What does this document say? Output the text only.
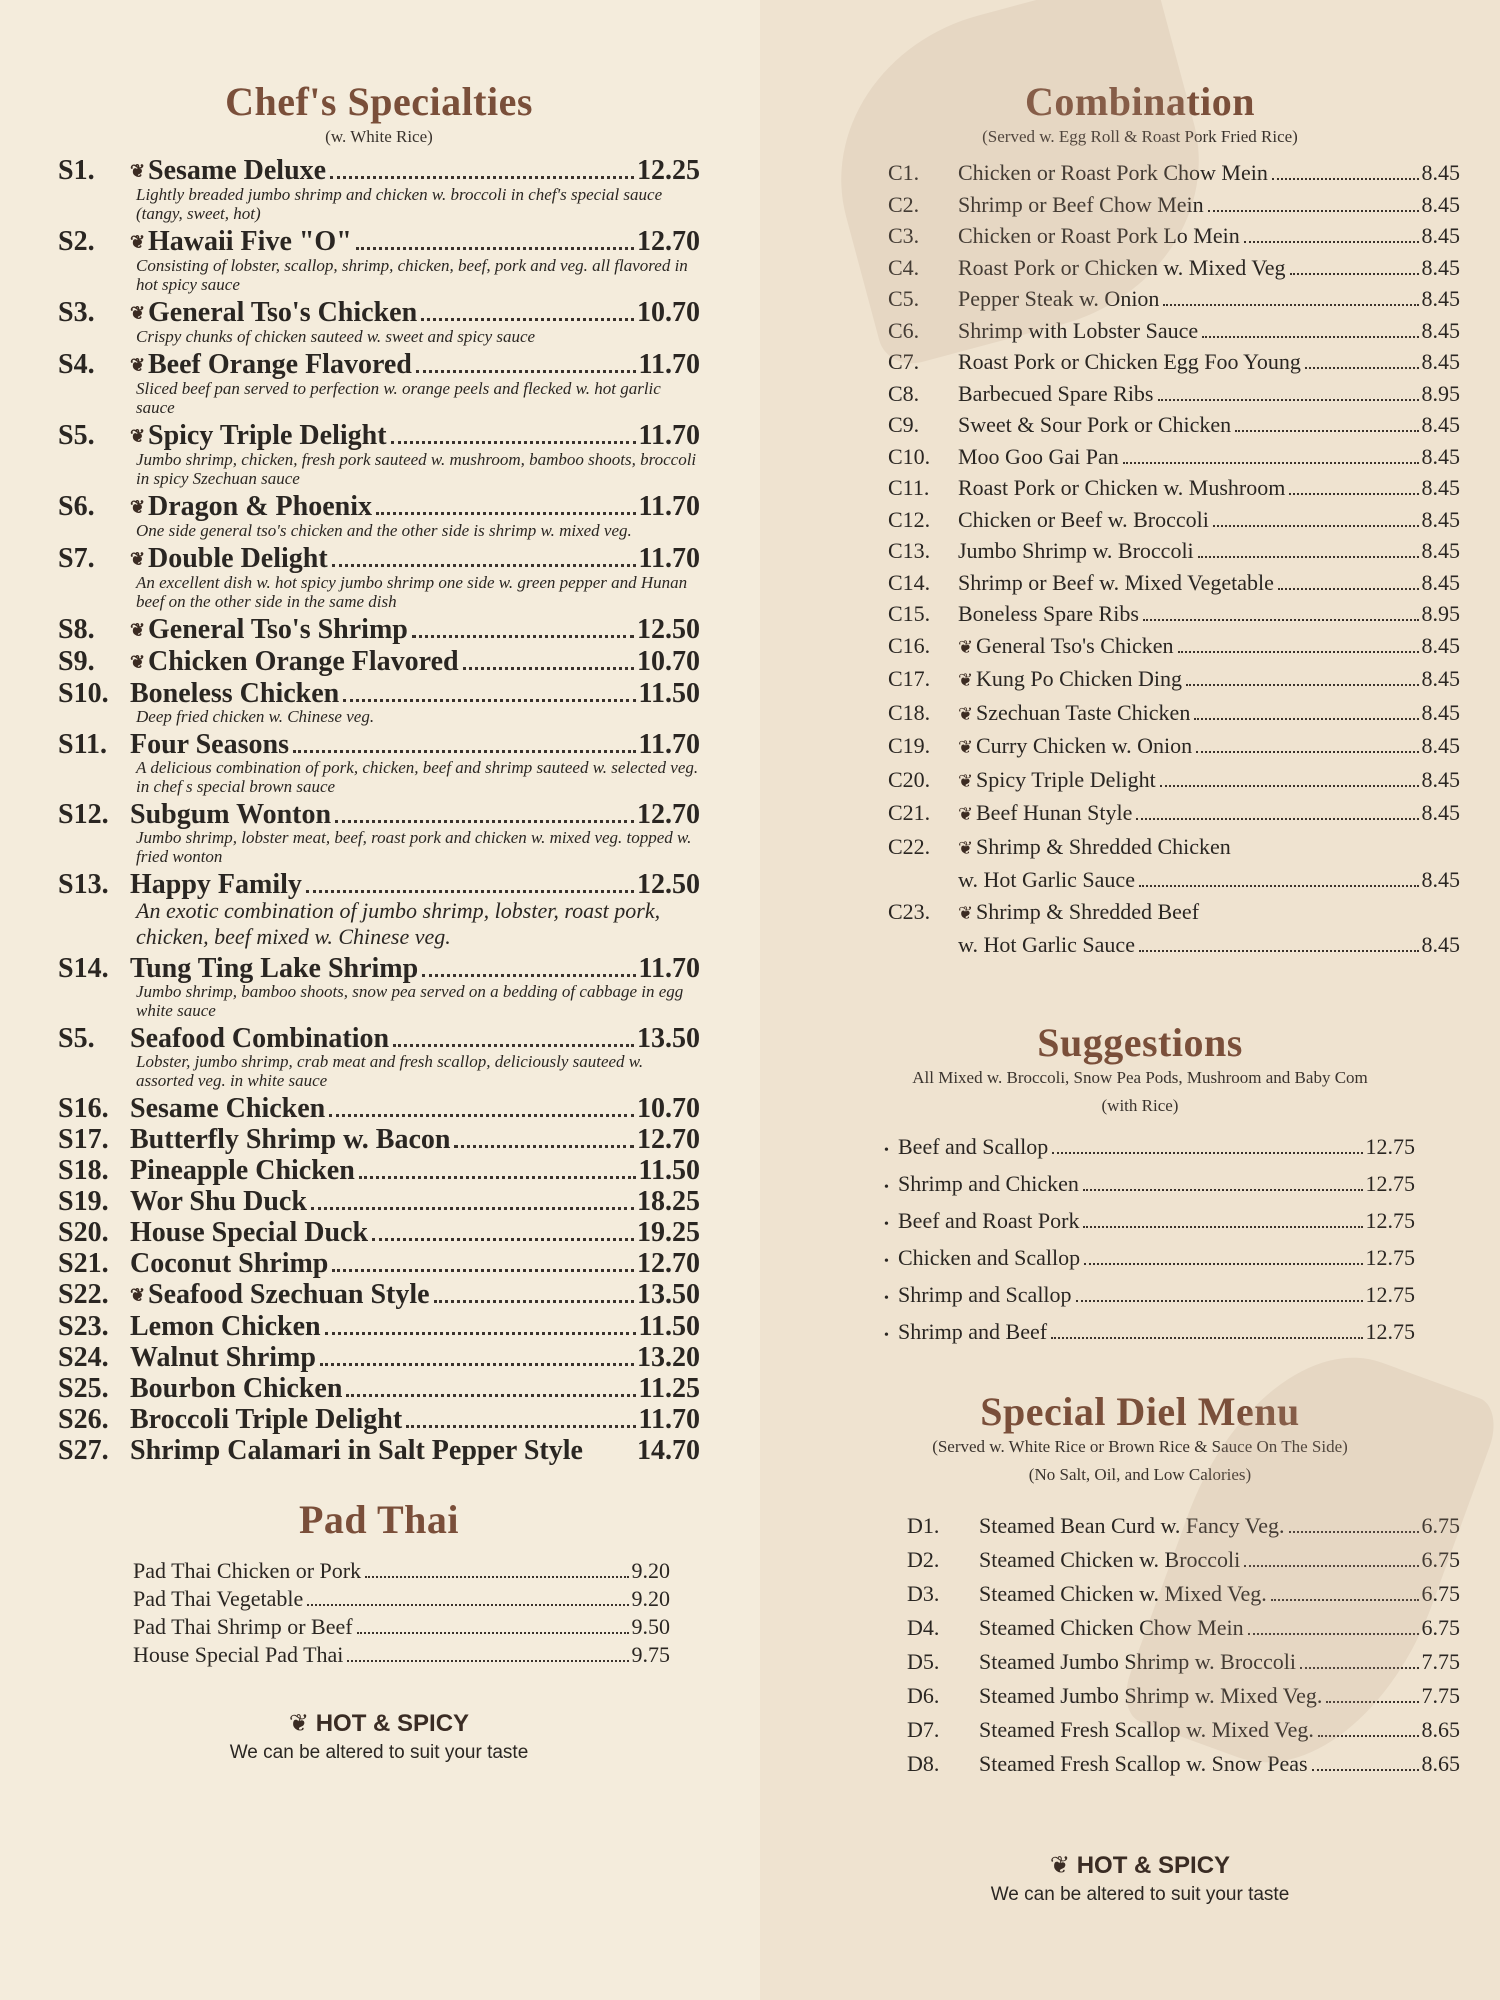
Chef's Specialties
(w. White Rice)
S1.	❦ Sesame Deluxe	12.25
Lightly breaded jumbo shrimp and chicken w. broccoli in chef's special sauce (tangy, sweet, hot)
S2.	❦ Hawaii Five "O"	12.70
Consisting of lobster, scallop, shrimp, chicken, beef, pork and veg. all flavored in hot spicy sauce
S3.	❦ General Tso's Chicken	10.70
Crispy chunks of chicken sauteed w. sweet and spicy sauce
S4.	❦ Beef Orange Flavored	11.70
Sliced beef pan served to perfection w. orange peels and flecked w. hot garlic sauce
S5.	❦ Spicy Triple Delight	11.70
Jumbo shrimp, chicken, fresh pork sauteed w. mushroom, bamboo shoots, broccoli in spicy Szechuan sauce
S6.	❦ Dragon & Phoenix	11.70
One side general tso's chicken and the other side is shrimp w. mixed veg.
S7.	❦ Double Delight	11.70
An excellent dish w. hot spicy jumbo shrimp one side w. green pepper and Hunan beef on the other side in the same dish
S8.	❦ General Tso's Shrimp	12.50
S9.	❦ Chicken Orange Flavored	10.70
S10. Boneless Chicken	11.50
Deep fried chicken w. Chinese veg.
S11. Four Seasons	11.70
A delicious combination of pork, chicken, beef and shrimp sauteed w. selected veg. in chef s special brown sauce
S12. Subgum Wonton	12.70
Jumbo shrimp, lobster meat, beef, roast pork and chicken w. mixed veg. topped w. fried wonton
S13. Happy Family	12.50
An exotic combination of jumbo shrimp, lobster, roast pork, chicken, beef mixed w. Chinese veg.
S14. Tung Ting Lake Shrimp	11.70
Jumbo shrimp, bamboo shoots, snow pea served on a bedding of cabbage in egg white sauce
S5.	Seafood Combination	13.50
Lobster, jumbo shrimp, crab meat and fresh scallop, deliciously sauteed w. assorted veg. in white sauce
S16. Sesame Chicken	10.70
S17. Butterfly Shrimp w. Bacon	12.70
S18. Pineapple Chicken	11.50
S19. Wor Shu Duck	18.25
S20. House Special Duck	19.25
S21. Coconut Shrimp	12.70
S22.	❦ Seafood Szechuan Style	13.50
S23. Lemon Chicken	11.50
S24. Walnut Shrimp	13.20
S25. Bourbon Chicken	11.25
S26. Broccoli Triple Delight	11.70
S27. Shrimp Calamari in Salt Pepper Style 14.70
Pad Thai
Pad Thai Chicken or Pork	9.20
Pad Thai Vegetable	9.20
Pad Thai Shrimp or Beef	9.50
House Special Pad Thai	9.75
❦ HOT & SPICY
We can be altered to suit your taste
Combination
(Served w. Egg Roll & Roast Pork Fried Rice)
C1.	Chicken or Roast Pork Chow Mein	8.45
C2.	Shrimp or Beef Chow Mein	8.45
C3.	Chicken or Roast Pork Lo Mein	8.45
C4.	Roast Pork or Chicken w. Mixed Veg	8.45
C5.	Pepper Steak w. Onion	8.45
C6.	Shrimp with Lobster Sauce	8.45
C7.	Roast Pork or Chicken Egg Foo Young	8.45
C8.	Barbecued Spare Ribs	8.95
C9.	Sweet & Sour Pork or Chicken	8.45
C10.	Moo Goo Gai Pan	8.45
C11.	Roast Pork or Chicken w. Mushroom	8.45
C12.	Chicken or Beef w. Broccoli	8.45
C13.	Jumbo Shrimp w. Broccoli	8.45
C14.	Shrimp or Beef w. Mixed Vegetable	8.45
C15.	Boneless Spare Ribs	8.95
C16.	❦ General Tso's Chicken	8.45
C17.	❦ Kung Po Chicken Ding	8.45
C18.	❦ Szechuan Taste Chicken	8.45
C19.	❦ Curry Chicken w. Onion	8.45
C20.	❦ Spicy Triple Delight	8.45
C21.	❦ Beef Hunan Style	8.45
C22.	❦ Shrimp & Shredded Chicken
w. Hot Garlic Sauce	8.45
C23.	❦ Shrimp & Shredded Beef
w. Hot Garlic Sauce	8.45
Suggestions
All Mixed w. Broccoli, Snow Pea Pods, Mushroom and Baby Com
(with Rice)
• Beef and Scallop	12.75
• Shrimp and Chicken	12.75
• Beef and Roast Pork	12.75
• Chicken and Scallop	12.75
• Shrimp and Scallop	12.75
• Shrimp and Beef	12.75
Special Diel Menu
(Served w. White Rice or Brown Rice & Sauce On The Side)
(No Salt, Oil, and Low Calories)
D1.	Steamed Bean Curd w. Fancy Veg.	6.75
D2.	Steamed Chicken w. Broccoli	6.75
D3.	Steamed Chicken w. Mixed Veg.	6.75
D4.	Steamed Chicken Chow Mein	6.75
D5.	Steamed Jumbo Shrimp w. Broccoli	7.75
D6.	Steamed Jumbo Shrimp w. Mixed Veg.	7.75
D7.	Steamed Fresh Scallop w. Mixed Veg.	8.65
D8.	Steamed Fresh Scallop w. Snow Peas	8.65
❦ HOT & SPICY
We can be altered to suit your taste
